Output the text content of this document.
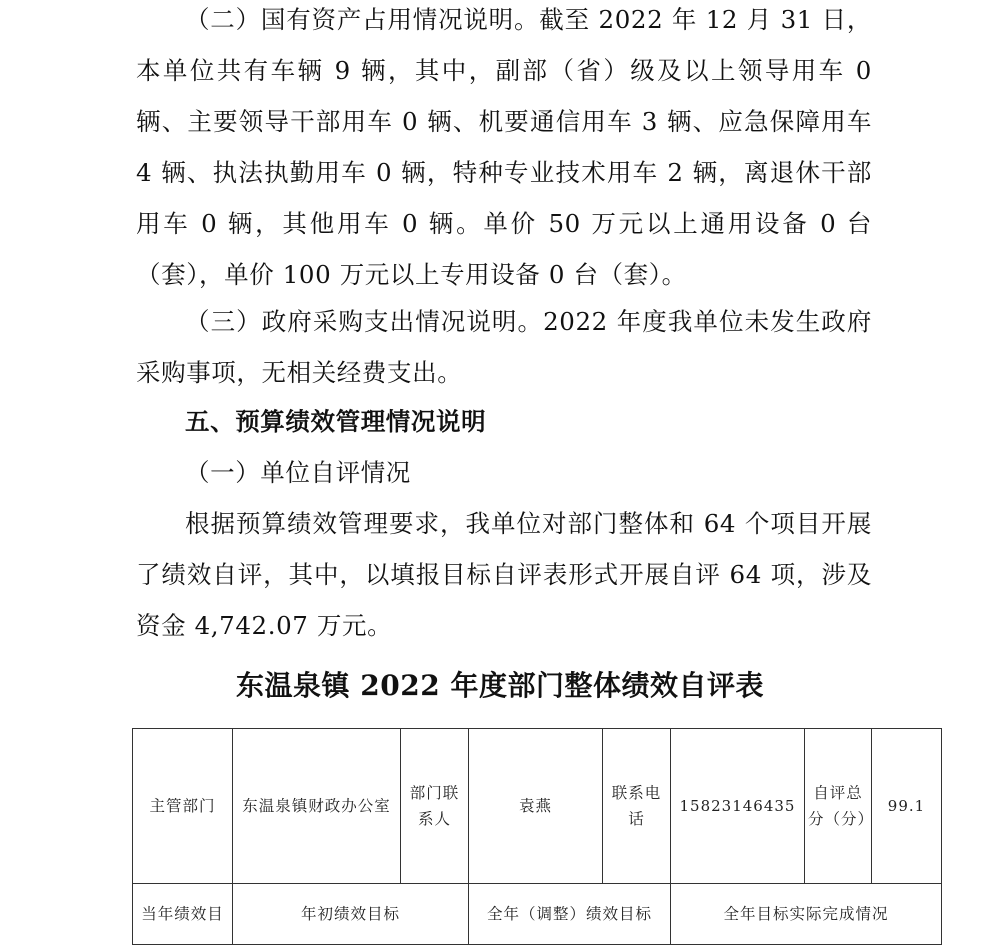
（二）国有资产占用情况说明。截至 2022 年 12 月 31 日，本单位共有车辆 9 辆，其中，副部（省）级及以上领导用车 0 辆、主要领导干部用车 0 辆、机要通信用车 3 辆、应急保障用车 4 辆、执法执勤用车 0 辆，特种专业技术用车 2 辆，离退休干部用车 0 辆，其他用车 0 辆。单价 50 万元以上通用设备 0 台（套），单价 100 万元以上专用设备 0 台（套）。

（三）政府采购支出情况说明。2022 年度我单位未发生政府采购事项，无相关经费支出。

五、预算绩效管理情况说明

（一）单位自评情况

根据预算绩效管理要求，我单位对部门整体和 64 个项目开展了绩效自评，其中，以填报目标自评表形式开展自评 64 项，涉及资金 4,742.07 万元。

东温泉镇 2022 年度部门整体绩效自评表

主管部门	东温泉镇财政办公室	部门联系人	袁燕	联系电话	15823146435	自评总分（分）	99.1
当年绩效目	年初绩效目标		全年（调整）绩效目标		全年目标实际完成情况		
